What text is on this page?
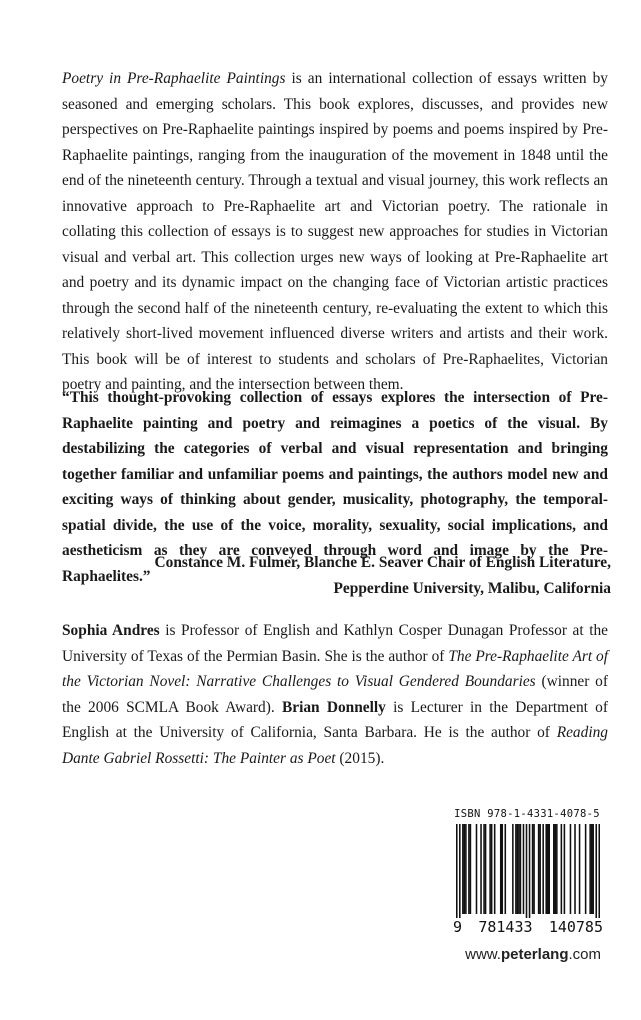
Poetry in Pre-Raphaelite Paintings is an international collection of essays written by seasoned and emerging scholars. This book explores, discusses, and provides new perspectives on Pre-Raphaelite paintings inspired by poems and poems inspired by Pre-Raphaelite paintings, ranging from the inauguration of the movement in 1848 until the end of the nineteenth century. Through a textual and visual journey, this work reflects an innovative approach to Pre-Raphaelite art and Victorian poetry. The rationale in collating this collection of essays is to suggest new approaches for studies in Victorian visual and verbal art. This collection urges new ways of looking at Pre-Raphaelite art and poetry and its dynamic impact on the changing face of Victorian artistic practices through the second half of the nineteenth century, re-evaluating the extent to which this relatively short-lived movement influenced diverse writers and artists and their work. This book will be of interest to students and scholars of Pre-Raphaelites, Victorian poetry and painting, and the intersection between them.

“This thought-provoking collection of essays explores the intersection of Pre-Raphaelite painting and poetry and reimagines a poetics of the visual. By destabilizing the categories of verbal and visual representation and bringing together familiar and unfamiliar poems and paintings, the authors model new and exciting ways of thinking about gender, musicality, photography, the temporal-spatial divide, the use of the voice, morality, sexuality, social implications, and aestheticism as they are conveyed through word and image by the Pre-Raphaelites.”

Constance M. Fulmer, Blanche E. Seaver Chair of English Literature,
Pepperdine University, Malibu, California

Sophia Andres is Professor of English and Kathlyn Cosper Dunagan Professor at the University of Texas of the Permian Basin. She is the author of The Pre-Raphaelite Art of the Victorian Novel: Narrative Challenges to Visual Gendered Boundaries (winner of the 2006 SCMLA Book Award). Brian Donnelly is Lecturer in the Department of English at the University of California, Santa Barbara. He is the author of Reading Dante Gabriel Rossetti: The Painter as Poet (2015).

ISBN 978-1-4331-4078-5
9 781433 140785
www.peterlang.com
